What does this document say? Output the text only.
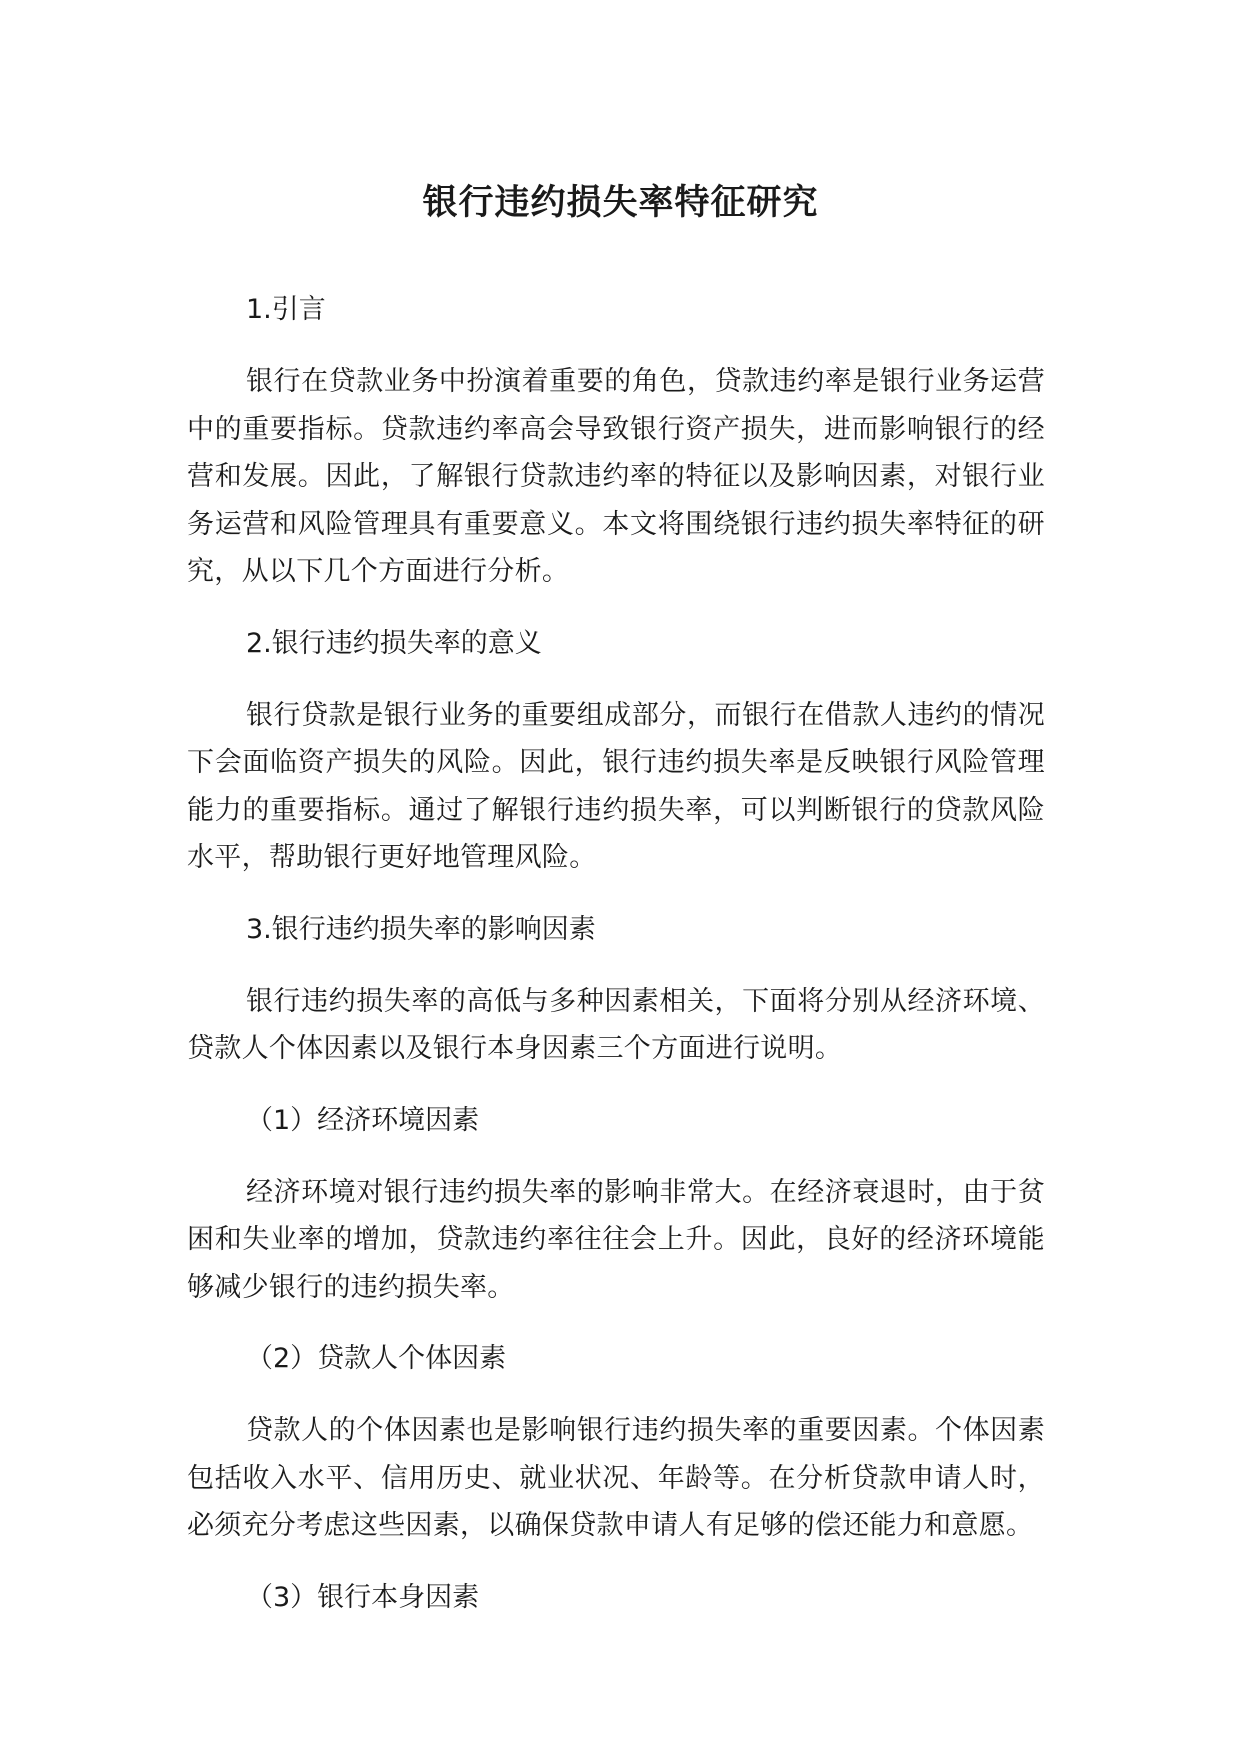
银行违约损失率特征研究

1.引言

银行在贷款业务中扮演着重要的角色，贷款违约率是银行业务运营中的重要指标。贷款违约率高会导致银行资产损失，进而影响银行的经营和发展。因此，了解银行贷款违约率的特征以及影响因素，对银行业务运营和风险管理具有重要意义。本文将围绕银行违约损失率特征的研究，从以下几个方面进行分析。

2.银行违约损失率的意义

银行贷款是银行业务的重要组成部分，而银行在借款人违约的情况下会面临资产损失的风险。因此，银行违约损失率是反映银行风险管理能力的重要指标。通过了解银行违约损失率，可以判断银行的贷款风险水平，帮助银行更好地管理风险。

3.银行违约损失率的影响因素

银行违约损失率的高低与多种因素相关，下面将分别从经济环境、贷款人个体因素以及银行本身因素三个方面进行说明。

（1）经济环境因素

经济环境对银行违约损失率的影响非常大。在经济衰退时，由于贫困和失业率的增加，贷款违约率往往会上升。因此，良好的经济环境能够减少银行的违约损失率。

（2）贷款人个体因素

贷款人的个体因素也是影响银行违约损失率的重要因素。个体因素包括收入水平、信用历史、就业状况、年龄等。在分析贷款申请人时，必须充分考虑这些因素，以确保贷款申请人有足够的偿还能力和意愿。

（3）银行本身因素
